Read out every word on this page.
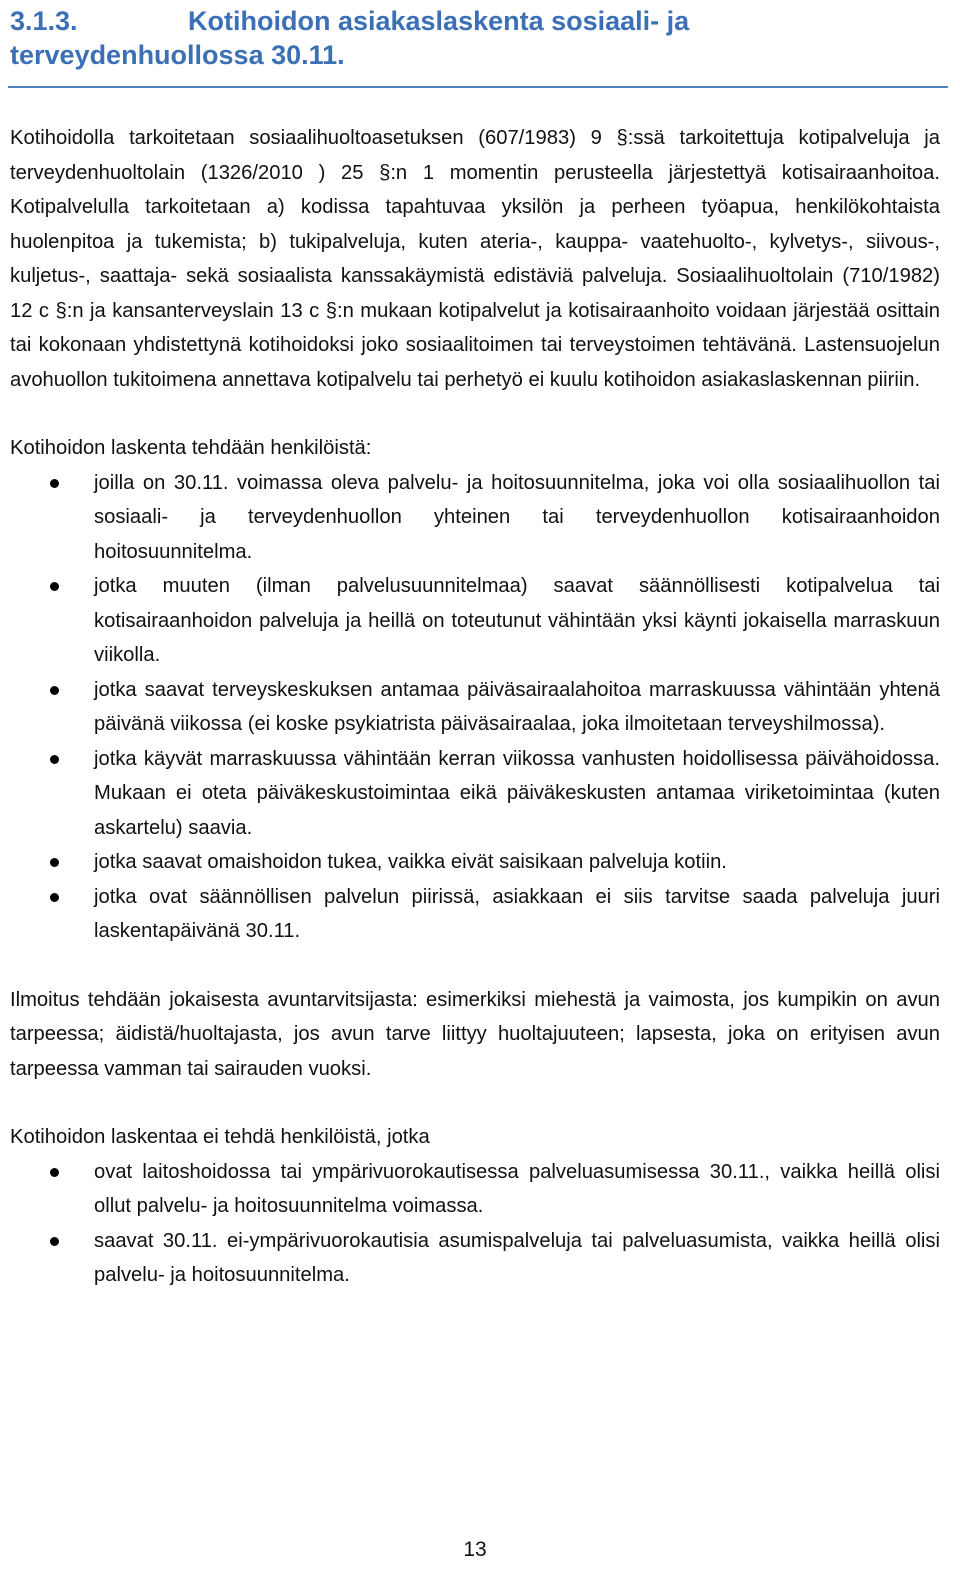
3.1.3.	Kotihoidon asiakaslaskenta sosiaali- ja terveydenhuollossa 30.11.

Kotihoidolla tarkoitetaan sosiaalihuoltoasetuksen (607/1983) 9 §:ssä tarkoitettuja kotipalveluja ja terveydenhuoltolain (1326/2010 ) 25 §:n 1 momentin perusteella järjestettyä kotisairaanhoitoa. Kotipalvelulla tarkoitetaan a) kodissa tapahtuvaa yksilön ja perheen työapua, henkilökohtaista huolenpitoa ja tukemista; b) tukipalveluja, kuten ateria-, kauppa- vaatehuolto-, kylvetys-, siivous-, kuljetus-, saattaja- sekä sosiaalista kanssakäymistä edistäviä palveluja. Sosiaalihuoltolain (710/1982) 12 c §:n ja kansanterveyslain 13 c §:n mukaan kotipalvelut ja kotisairaanhoito voidaan järjestää osittain tai kokonaan yhdistettynä kotihoidoksi joko sosiaalitoimen tai terveystoimen tehtävänä. Lastensuojelun avohuollon tukitoimena annettava kotipalvelu tai perhetyö ei kuulu kotihoidon asiakaslaskennan piiriin.

Kotihoidon laskenta tehdään henkilöistä:

joilla on 30.11. voimassa oleva palvelu- ja hoitosuunnitelma, joka voi olla sosiaalihuollon tai sosiaali- ja terveydenhuollon yhteinen tai terveydenhuollon kotisairaanhoidon hoitosuunnitelma.
jotka muuten (ilman palvelusuunnitelmaa) saavat säännöllisesti kotipalvelua tai kotisairaanhoidon palveluja ja heillä on toteutunut vähintään yksi käynti jokaisella marraskuun viikolla.
jotka saavat terveyskeskuksen antamaa päiväsairaalahoitoa marraskuussa vähintään yhtenä päivänä viikossa (ei koske psykiatrista päiväsairaalaa, joka ilmoitetaan terveyshilmossa).
jotka käyvät marraskuussa vähintään kerran viikossa vanhusten hoidollisessa päivähoidossa. Mukaan ei oteta päiväkeskustoimintaa eikä päiväkeskusten antamaa viriketoimintaa (kuten askartelu) saavia.
jotka saavat omaishoidon tukea, vaikka eivät saisikaan palveluja kotiin.
jotka ovat säännöllisen palvelun piirissä, asiakkaan ei siis tarvitse saada palveluja juuri laskentapäivänä 30.11.

Ilmoitus tehdään jokaisesta avuntarvitsijasta: esimerkiksi miehestä ja vaimosta, jos kumpikin on avun tarpeessa; äidistä/huoltajasta, jos avun tarve liittyy huoltajuuteen; lapsesta, joka on erityisen avun tarpeessa vamman tai sairauden vuoksi.

Kotihoidon laskentaa ei tehdä henkilöistä, jotka

ovat laitoshoidossa tai ympärivuorokautisessa palveluasumisessa 30.11., vaikka heillä olisi ollut palvelu- ja hoitosuunnitelma voimassa.
saavat 30.11. ei-ympärivuorokautisia asumispalveluja tai palveluasumista, vaikka heillä olisi palvelu- ja hoitosuunnitelma.
13
